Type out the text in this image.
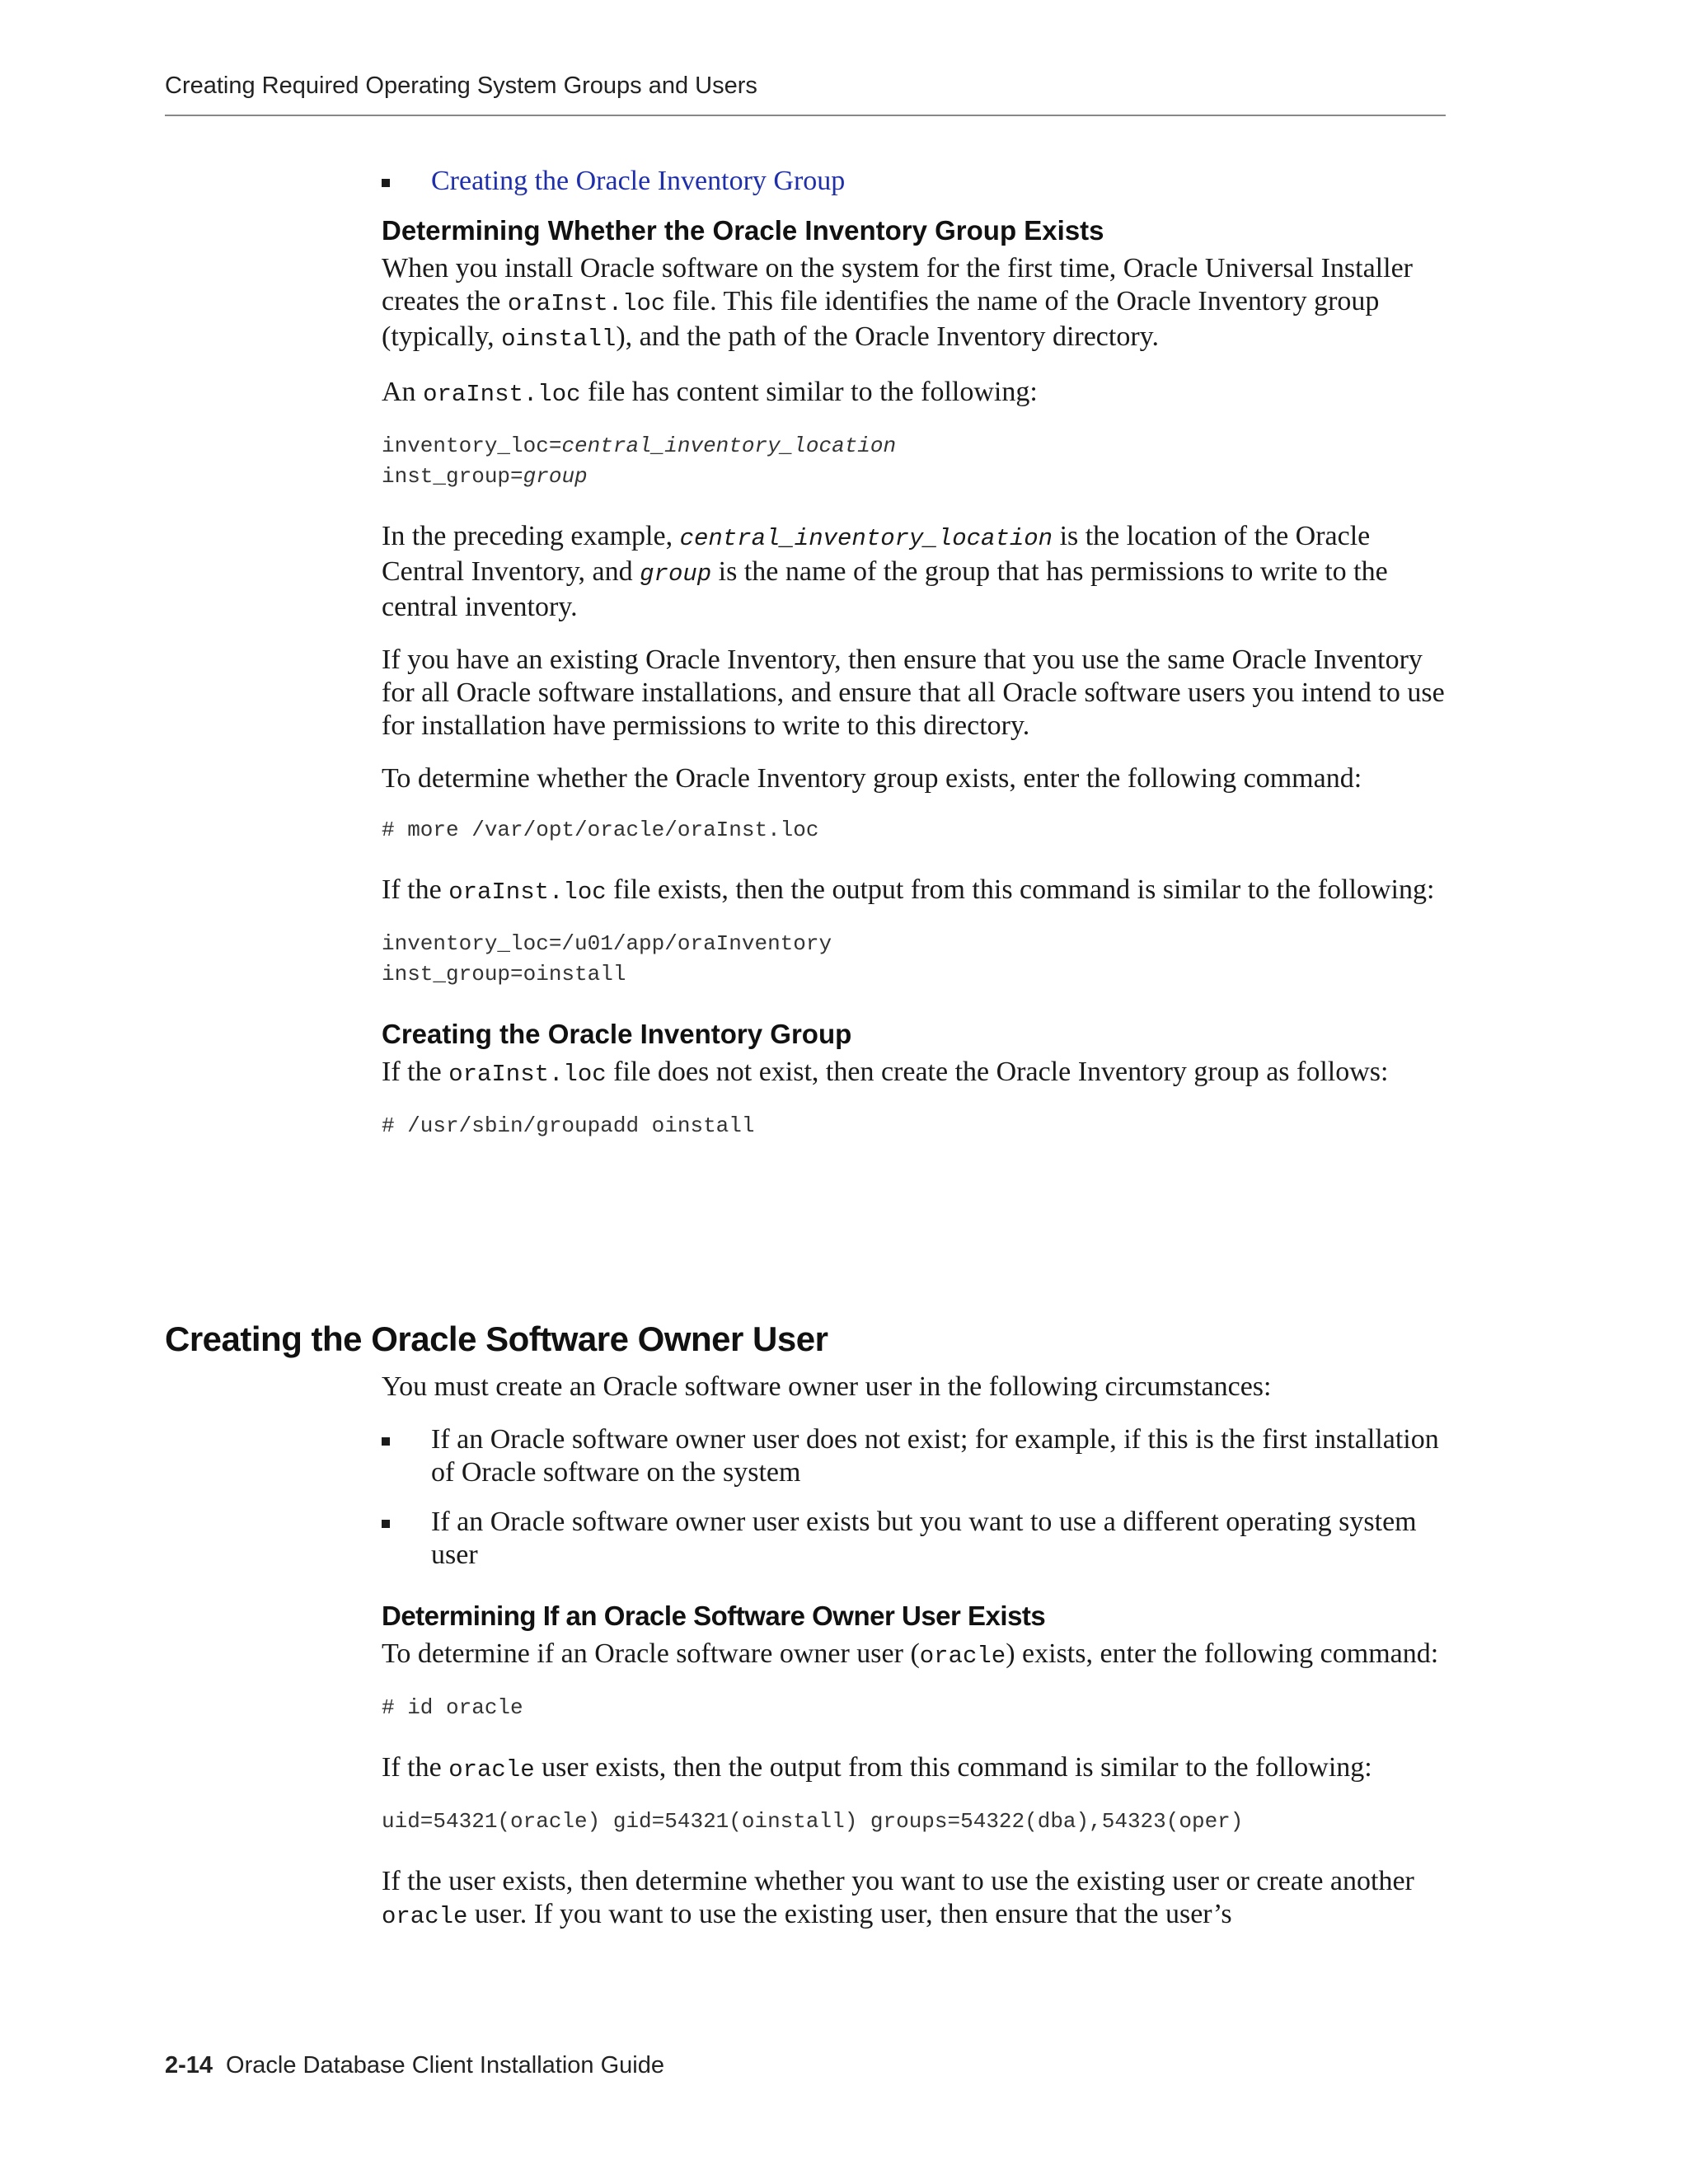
Creating Required Operating System Groups and Users
Creating the Oracle Inventory Group
Determining Whether the Oracle Inventory Group Exists

When you install Oracle software on the system for the first time, Oracle Universal Installer creates the oraInst.loc file. This file identifies the name of the Oracle Inventory group (typically, oinstall), and the path of the Oracle Inventory directory.

An oraInst.loc file has content similar to the following:

inventory_loc=central_inventory_location
inst_group=group

In the preceding example, central_inventory_location is the location of the Oracle Central Inventory, and group is the name of the group that has permissions to write to the central inventory.

If you have an existing Oracle Inventory, then ensure that you use the same Oracle Inventory for all Oracle software installations, and ensure that all Oracle software users you intend to use for installation have permissions to write to this directory.

To determine whether the Oracle Inventory group exists, enter the following command:

# more /var/opt/oracle/oraInst.loc

If the oraInst.loc file exists, then the output from this command is similar to the following:

inventory_loc=/u01/app/oraInventory
inst_group=oinstall
Creating the Oracle Inventory Group

If the oraInst.loc file does not exist, then create the Oracle Inventory group as follows:

# /usr/sbin/groupadd oinstall
Creating the Oracle Software Owner User

You must create an Oracle software owner user in the following circumstances:

If an Oracle software owner user does not exist; for example, if this is the first installation of Oracle software on the system
If an Oracle software owner user exists but you want to use a different operating system user
Determining If an Oracle Software Owner User Exists

To determine if an Oracle software owner user (oracle) exists, enter the following command:

# id oracle

If the oracle user exists, then the output from this command is similar to the following:

uid=54321(oracle) gid=54321(oinstall) groups=54322(dba),54323(oper)

If the user exists, then determine whether you want to use the existing user or create another oracle user. If you want to use the existing user, then ensure that the user’s

2-14 Oracle Database Client Installation Guide
